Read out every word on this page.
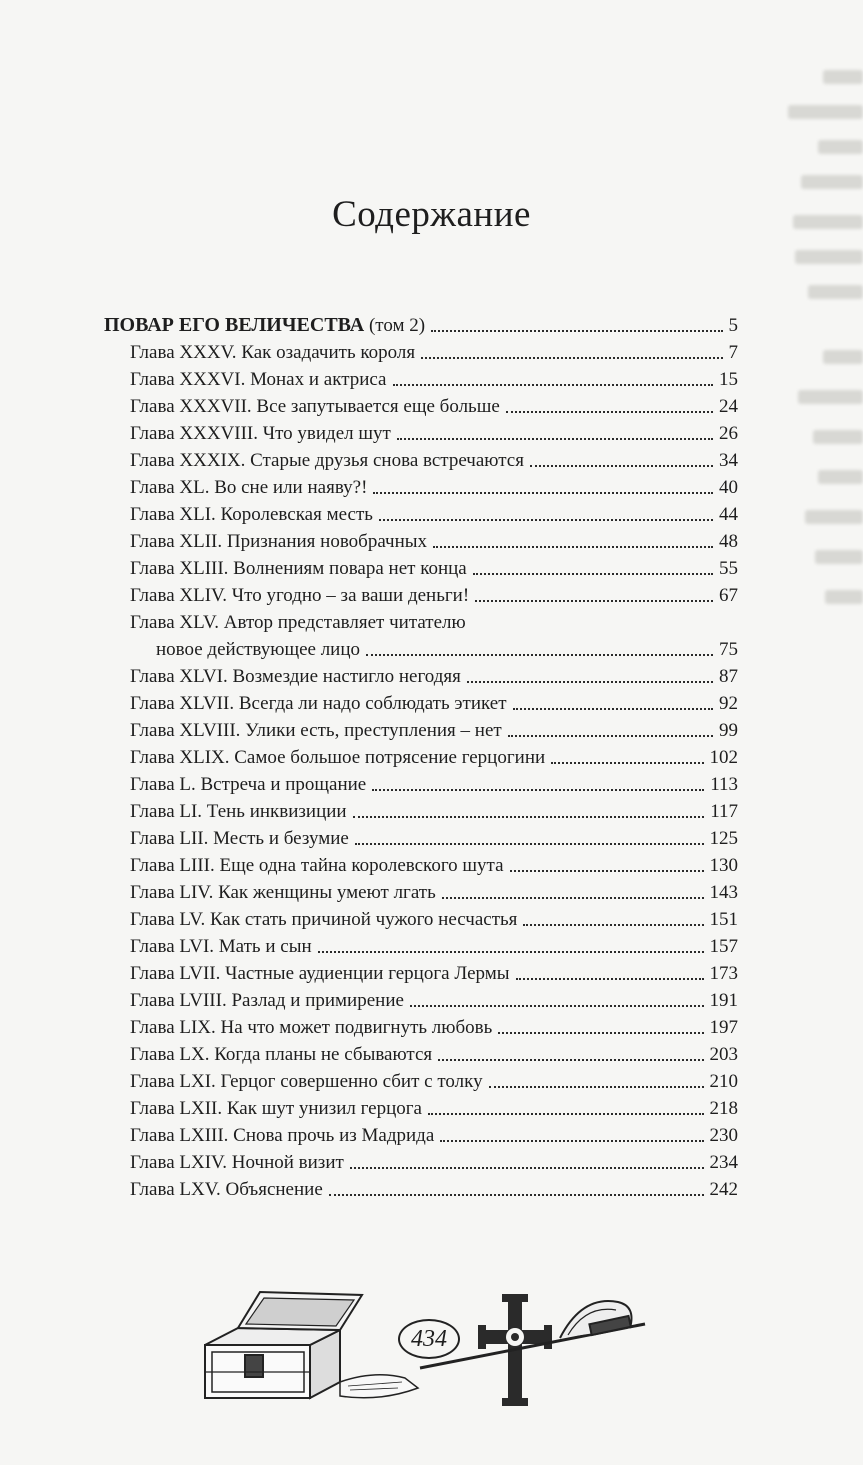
Содержание
ПОВАР ЕГО ВЕЛИЧЕСТВА (том 2)	5
Глава XXXV. Как озадачить короля	7
Глава XXXVI. Монах и актриса	15
Глава XXXVII. Все запутывается еще больше	24
Глава XXXVIII. Что увидел шут	26
Глава XXXIX. Старые друзья снова встречаются	34
Глава XL. Во сне или наяву?!	40
Глава XLI. Королевская месть	44
Глава XLII. Признания новобрачных	48
Глава XLIII. Волнениям повара нет конца	55
Глава XLIV. Что угодно – за ваши деньги!	67
Глава XLV. Автор представляет читателю
новое действующее лицо	75
Глава XLVI. Возмездие настигло негодяя	87
Глава XLVII. Всегда ли надо соблюдать этикет	92
Глава XLVIII. Улики есть, преступления – нет	99
Глава XLIX. Самое большое потрясение герцогини	102
Глава L. Встреча и прощание	113
Глава LI. Тень инквизиции	117
Глава LII. Месть и безумие	125
Глава LIII. Еще одна тайна королевского шута	130
Глава LIV. Как женщины умеют лгать	143
Глава LV. Как стать причиной чужого несчастья	151
Глава LVI. Мать и сын	157
Глава LVII. Частные аудиенции герцога Лермы	173
Глава LVIII. Разлад и примирение	191
Глава LIX. На что может подвигнуть любовь	197
Глава LX. Когда планы не сбываются	203
Глава LXI. Герцог совершенно сбит с толку	210
Глава LXII. Как шут унизил герцога	218
Глава LXIII. Снова прочь из Мадрида	230
Глава LXIV. Ночной визит	234
Глава LXV. Объяснение	242
434
